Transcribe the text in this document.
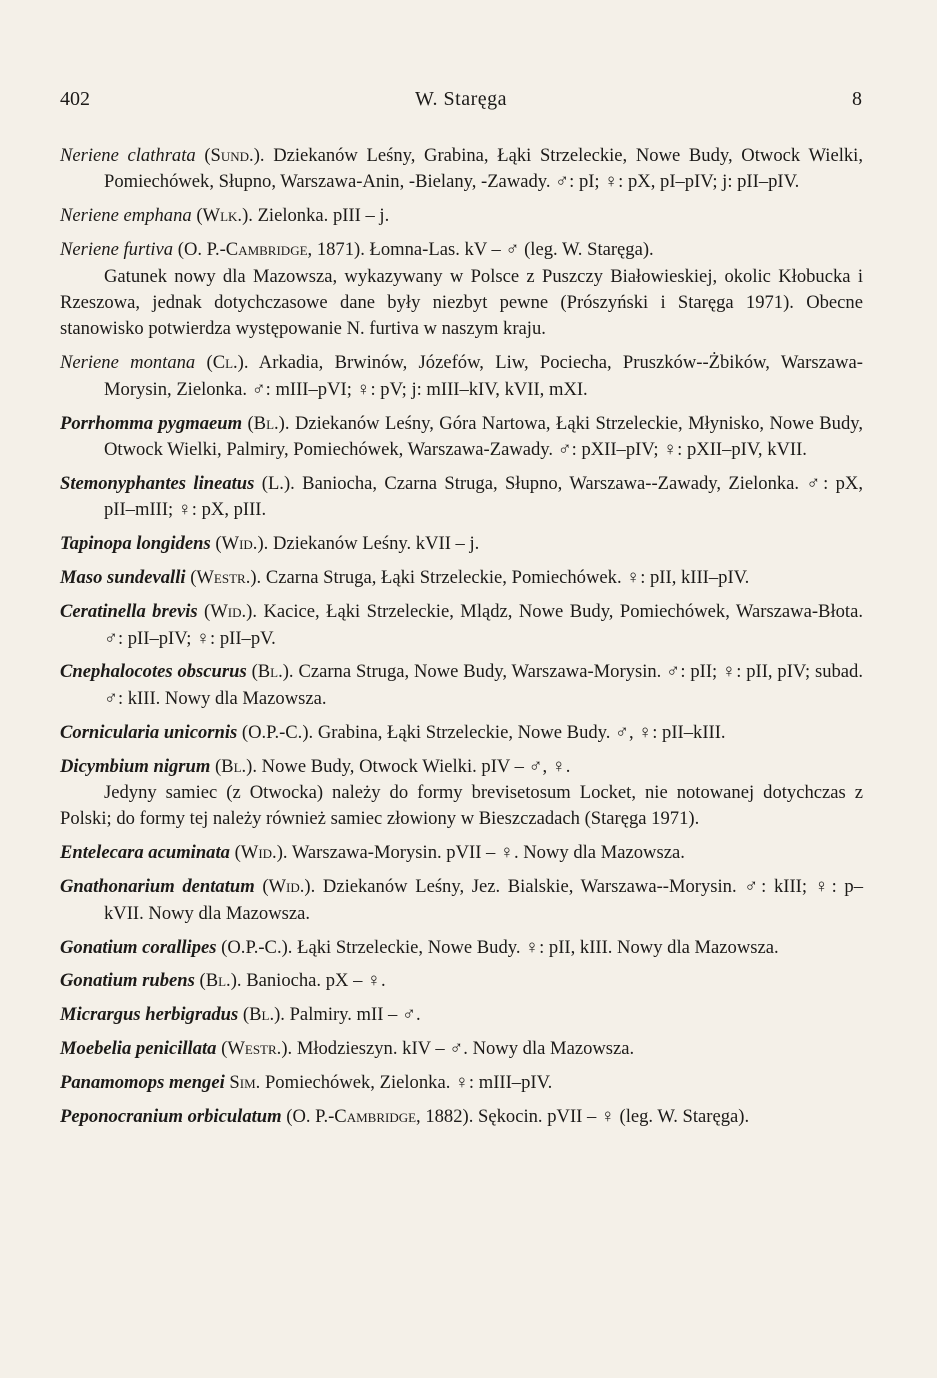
402	W. Staręga	8

Neriene clathrata (Sund.). Dziekanów Leśny, Grabina, Łąki Strzeleckie, Nowe Budy, Otwock Wielki, Pomiechówek, Słupno, Warszawa-Anin, -Bielany, -Zawady. ♂: pI; ♀: pX, pI–pIV; j: pII–pIV.

Neriene emphana (Wlk.). Zielonka. pIII – j.

Neriene furtiva (O. P.-Cambridge, 1871). Łomna-Las. kV – ♂ (leg. W. Staręga).

Gatunek nowy dla Mazowsza, wykazywany w Polsce z Puszczy Białowieskiej, okolic Kłobucka i Rzeszowa, jednak dotychczasowe dane były niezbyt pewne (Prószyński i Staręga 1971). Obecne stanowisko potwierdza występowanie N. furtiva w naszym kraju.

Neriene montana (Cl.). Arkadia, Brwinów, Józefów, Liw, Pociecha, Pruszków--Żbików, Warszawa-Morysin, Zielonka. ♂: mIII–pVI; ♀: pV; j: mIII–kIV, kVII, mXI.

Porrhomma pygmaeum (Bl.). Dziekanów Leśny, Góra Nartowa, Łąki Strzeleckie, Młynisko, Nowe Budy, Otwock Wielki, Palmiry, Pomiechówek, Warszawa-Zawady. ♂: pXII–pIV; ♀: pXII–pIV, kVII.

Stemonyphantes lineatus (L.). Baniocha, Czarna Struga, Słupno, Warszawa--Zawady, Zielonka. ♂: pX, pII–mIII; ♀: pX, pIII.

Tapinopa longidens (Wid.). Dziekanów Leśny. kVII – j.

Maso sundevalli (Westr.). Czarna Struga, Łąki Strzeleckie, Pomiechówek. ♀: pII, kIII–pIV.

Ceratinella brevis (Wid.). Kacice, Łąki Strzeleckie, Mlądz, Nowe Budy, Pomiechówek, Warszawa-Błota. ♂: pII–pIV; ♀: pII–pV.

Cnephalocotes obscurus (Bl.). Czarna Struga, Nowe Budy, Warszawa-Morysin. ♂: pII; ♀: pII, pIV; subad. ♂: kIII. Nowy dla Mazowsza.

Cornicularia unicornis (O.P.-C.). Grabina, Łąki Strzeleckie, Nowe Budy. ♂, ♀: pII–kIII.

Dicymbium nigrum (Bl.). Nowe Budy, Otwock Wielki. pIV – ♂, ♀.

Jedyny samiec (z Otwocka) należy do formy brevisetosum Locket, nie notowanej dotychczas z Polski; do formy tej należy również samiec złowiony w Bieszczadach (Staręga 1971).

Entelecara acuminata (Wid.). Warszawa-Morysin. pVII – ♀. Nowy dla Mazowsza.

Gnathonarium dentatum (Wid.). Dziekanów Leśny, Jez. Bialskie, Warszawa--Morysin. ♂: kIII; ♀: p–kVII. Nowy dla Mazowsza.

Gonatium corallipes (O.P.-C.). Łąki Strzeleckie, Nowe Budy. ♀: pII, kIII. Nowy dla Mazowsza.

Gonatium rubens (Bl.). Baniocha. pX – ♀.

Micrargus herbigradus (Bl.). Palmiry. mII – ♂.

Moebelia penicillata (Westr.). Młodzieszyn. kIV – ♂. Nowy dla Mazowsza.

Panamomops mengei Sim. Pomiechówek, Zielonka. ♀: mIII–pIV.

Peponocranium orbiculatum (O. P.-Cambridge, 1882). Sękocin. pVII – ♀ (leg. W. Staręga).
